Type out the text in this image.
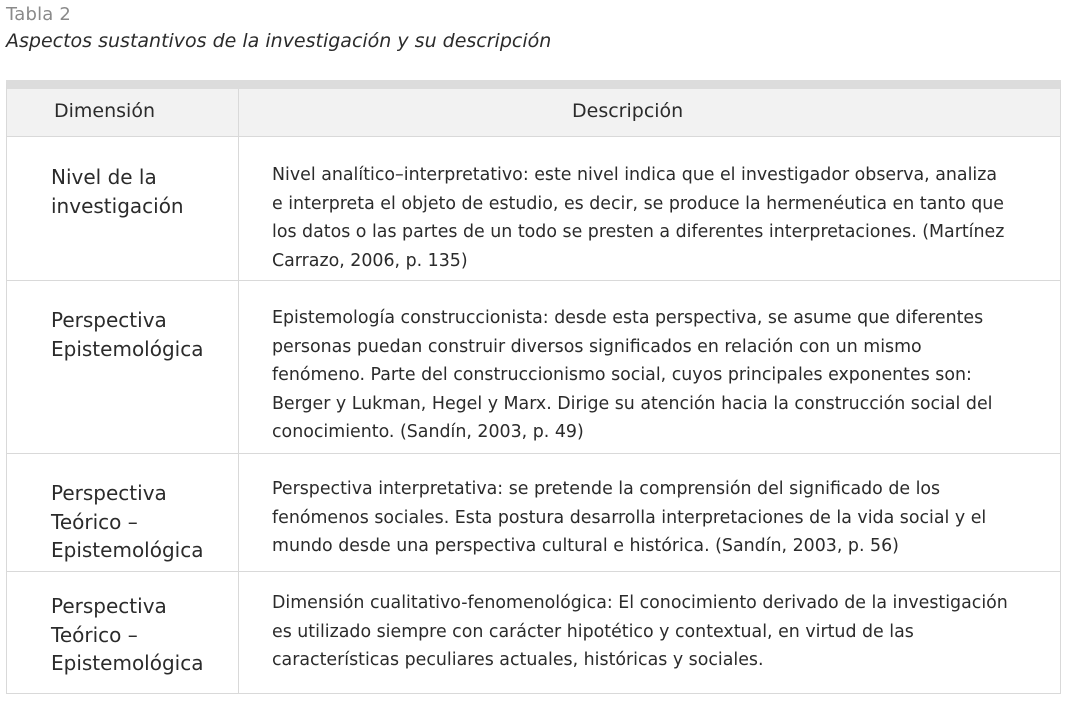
Tabla 2
Aspectos sustantivos de la investigación y su descripción
Dimensión	Descripción
Nivel de la
investigación
Nivel analítico–interpretativo: este nivel indica que el investigador observa, analiza
e interpreta el objeto de estudio, es decir, se produce la hermenéutica en tanto que
los datos o las partes de un todo se presten a diferentes interpretaciones. (Martínez
Carrazo, 2006, p. 135)
Perspectiva
Epistemológica
Epistemología construccionista: desde esta perspectiva, se asume que diferentes
personas puedan construir diversos significados en relación con un mismo
fenómeno. Parte del construccionismo social, cuyos principales exponentes son:
Berger y Lukman, Hegel y Marx. Dirige su atención hacia la construcción social del
conocimiento. (Sandín, 2003, p. 49)
Perspectiva
Teórico –
Epistemológica
Perspectiva interpretativa: se pretende la comprensión del significado de los
fenómenos sociales. Esta postura desarrolla interpretaciones de la vida social y el
mundo desde una perspectiva cultural e histórica. (Sandín, 2003, p. 56)
Perspectiva
Teórico –
Epistemológica
Dimensión cualitativo-fenomenológica: El conocimiento derivado de la investigación
es utilizado siempre con carácter hipotético y contextual, en virtud de las
características peculiares actuales, históricas y sociales.
